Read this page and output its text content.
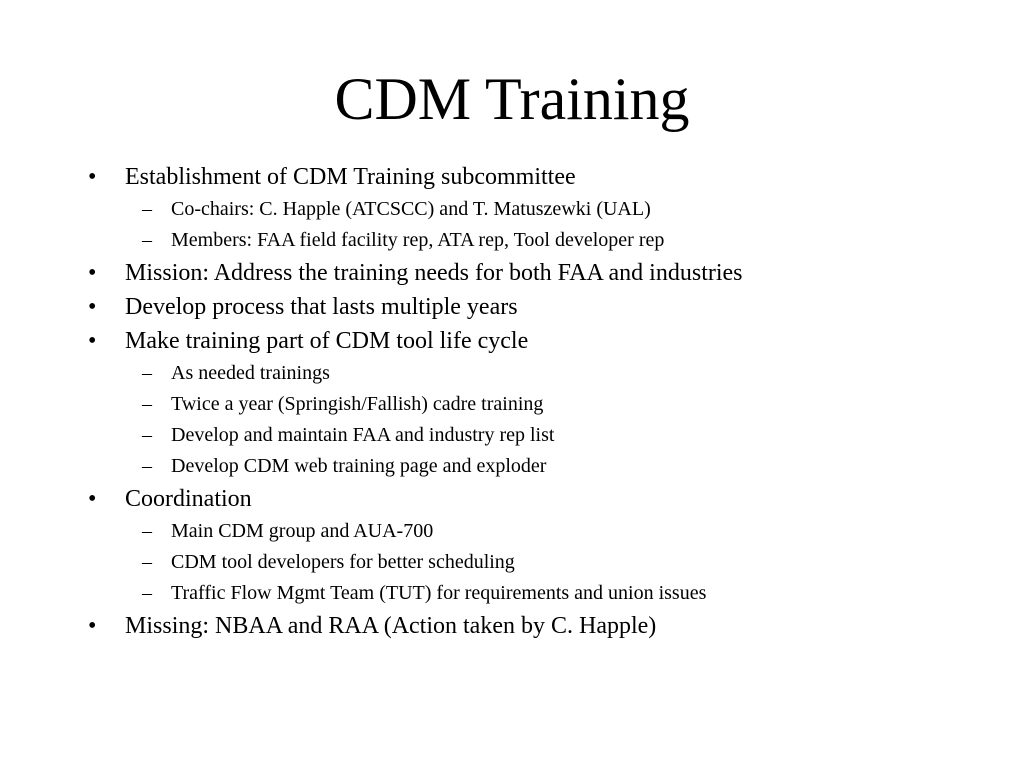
CDM Training
• Establishment of CDM Training subcommittee
– Co-chairs: C. Happle (ATCSCC) and T. Matuszewki (UAL)
– Members: FAA field facility rep, ATA rep, Tool developer rep
• Mission: Address the training needs for both FAA and industries
• Develop process that lasts multiple years
• Make training part of CDM tool life cycle
– As needed trainings
– Twice a year (Springish/Fallish) cadre training
– Develop and maintain FAA and industry rep list
– Develop CDM web training page and exploder
• Coordination
– Main CDM group and AUA-700
– CDM tool developers for better scheduling
– Traffic Flow Mgmt Team (TUT) for requirements and union issues
• Missing: NBAA and RAA (Action taken by C. Happle)
